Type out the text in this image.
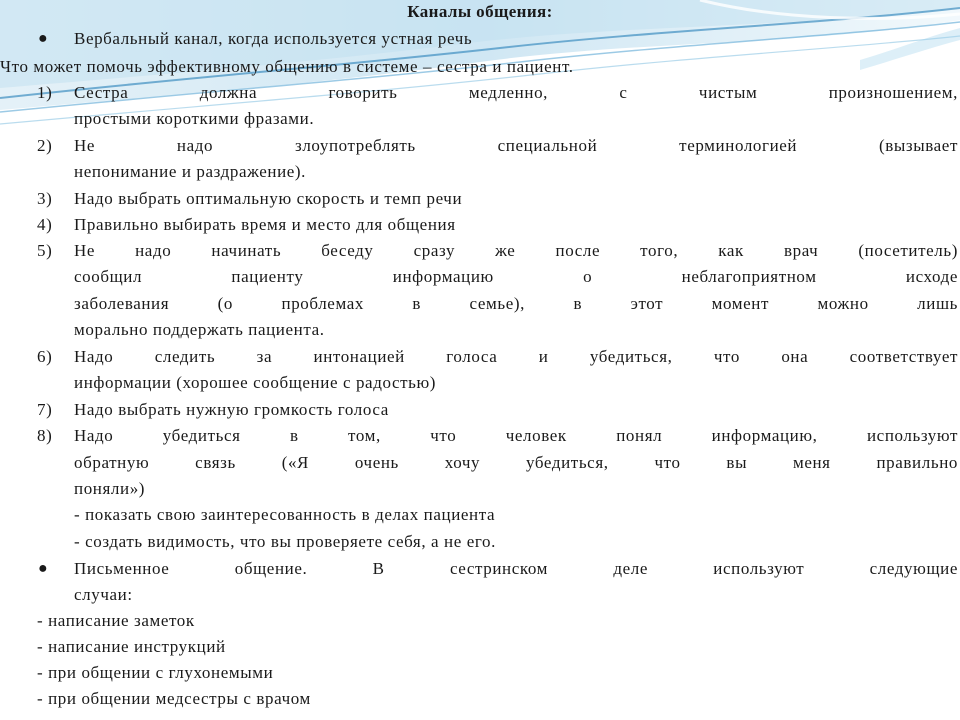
Каналы общения:
● Вербальный канал, когда используется устная речь
Что может помочь эффективному общению в системе – сестра и пациент.
1) Сестра должна говорить медленно, с чистым произношением,
простыми короткими фразами.
2) Не надо злоупотреблять специальной терминологией (вызывает
непонимание и раздражение).
3) Надо выбрать оптимальную скорость и темп речи
4) Правильно выбирать время и место для общения
5) Не надо начинать беседу сразу же после того, как врач (посетитель)
сообщил пациенту информацию о неблагоприятном исходе
заболевания (о проблемах в семье), в этот момент можно лишь
морально поддержать пациента.
6) Надо следить за интонацией голоса и убедиться, что она соответствует
информации (хорошее сообщение с радостью)
7) Надо выбрать нужную громкость голоса
8) Надо убедиться в том, что человек понял информацию, используют
обратную связь («Я очень хочу убедиться, что вы меня правильно
поняли»)
- показать свою заинтересованность в делах пациента
- создать видимость, что вы проверяете себя, а не его.
● Письменное общение. В сестринском деле используют следующие
случаи:
- написание заметок
- написание инструкций
- при общении с глухонемыми
- при общении медсестры с врачом
